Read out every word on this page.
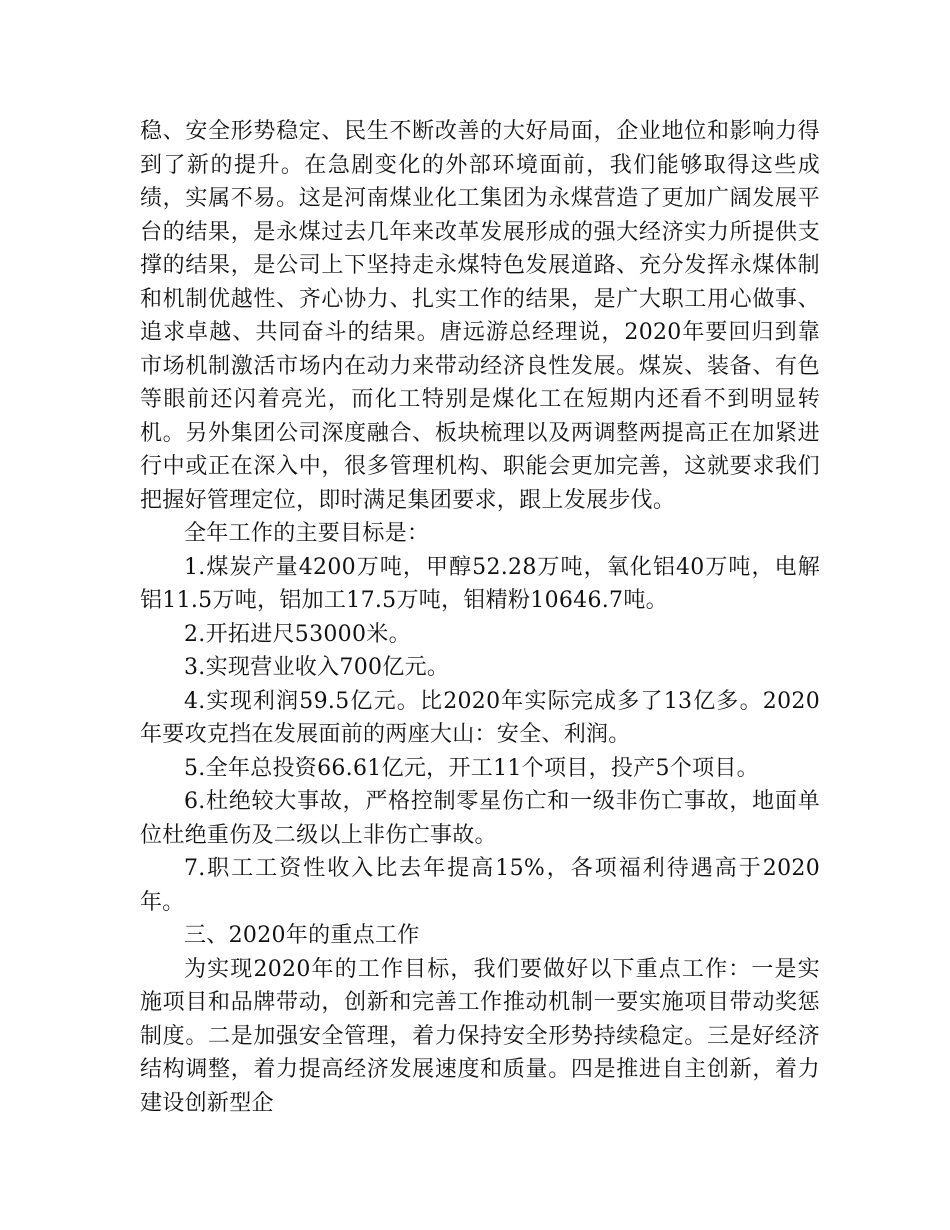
稳、安全形势稳定、民生不断改善的大好局面，企业地位和影响力得到了新的提升。在急剧变化的外部环境面前，我们能够取得这些成绩，实属不易。这是河南煤业化工集团为永煤营造了更加广阔发展平台的结果，是永煤过去几年来改革发展形成的强大经济实力所提供支撑的结果，是公司上下坚持走永煤特色发展道路、充分发挥永煤体制和机制优越性、齐心协力、扎实工作的结果，是广大职工用心做事、追求卓越、共同奋斗的结果。唐远游总经理说，2020年要回归到靠市场机制激活市场内在动力来带动经济良性发展。煤炭、装备、有色等眼前还闪着亮光，而化工特别是煤化工在短期内还看不到明显转机。另外集团公司深度融合、板块梳理以及两调整两提高正在加紧进行中或正在深入中，很多管理机构、职能会更加完善，这就要求我们把握好管理定位，即时满足集团要求，跟上发展步伐。

全年工作的主要目标是：

1.煤炭产量4200万吨，甲醇52.28万吨，氧化铝40万吨，电解铝11.5万吨，铝加工17.5万吨，钼精粉10646.7吨。

2.开拓进尺53000米。

3.实现营业收入700亿元。

4.实现利润59.5亿元。比2020年实际完成多了13亿多。2020年要攻克挡在发展面前的两座大山：安全、利润。

5.全年总投资66.61亿元，开工11个项目，投产5个项目。

6.杜绝较大事故，严格控制零星伤亡和一级非伤亡事故，地面单位杜绝重伤及二级以上非伤亡事故。

7.职工工资性收入比去年提高15%，各项福利待遇高于2020年。

三、2020年的重点工作

为实现2020年的工作目标，我们要做好以下重点工作：一是实施项目和品牌带动，创新和完善工作推动机制一要实施项目带动奖惩制度。二是加强安全管理，着力保持安全形势持续稳定。三是好经济结构调整，着力提高经济发展速度和质量。四是推进自主创新，着力建设创新型企
